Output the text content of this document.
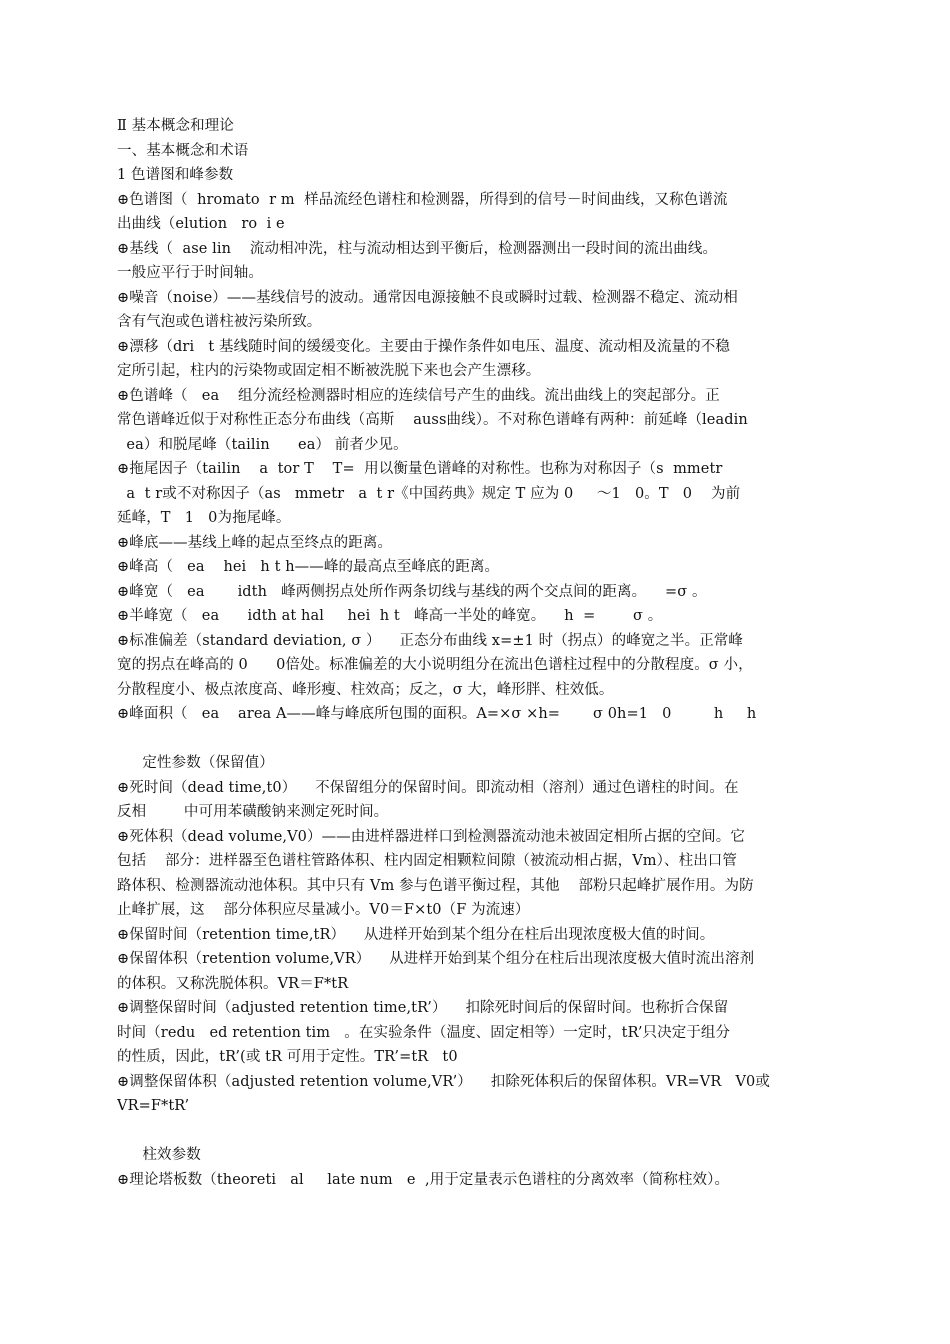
Ⅱ 基本概念和理论
一、基本概念和术语
1 色谱图和峰参数
⊕色谱图（  hromato  r m  样品流经色谱柱和检测器，所得到的信号－时间曲线，又称色谱流
出曲线（elution   ro  i e
⊕基线（  ase lin    流动相冲洗，柱与流动相达到平衡后，检测器测出一段时间的流出曲线。
一般应平行于时间轴。
⊕噪音（noise）——基线信号的波动。通常因电源接触不良或瞬时过载、检测器不稳定、流动相
含有气泡或色谱柱被污染所致。
⊕漂移（dri   t 基线随时间的缓缓变化。主要由于操作条件如电压、温度、流动相及流量的不稳
定所引起，柱内的污染物或固定相不断被洗脱下来也会产生漂移。
⊕色谱峰（   ea    组分流经检测器时相应的连续信号产生的曲线。流出曲线上的突起部分。正
常色谱峰近似于对称性正态分布曲线（高斯    auss曲线）。不对称色谱峰有两种：前延峰（leadin
ea）和脱尾峰（tailin      ea） 前者少见。
⊕拖尾因子（tailin    a  tor T    T=  用以衡量色谱峰的对称性。也称为对称因子（s  mmetr
a  t r或不对称因子（as   mmetr   a  t r《中国药典》规定 T 应为 0     ～1   0。T   0    为前
延峰，T   1   0为拖尾峰。
⊕峰底——基线上峰的起点至终点的距离。
⊕峰高（   ea    hei   h t h——峰的最高点至峰底的距离。
⊕峰宽（   ea       idth   峰两侧拐点处所作两条切线与基线的两个交点间的距离。    =σ 。
⊕半峰宽（   ea      idth at hal     hei  h t   峰高一半处的峰宽。    h  =        σ 。
⊕标准偏差（standard deviation, σ ）    正态分布曲线 x=±1 时（拐点）的峰宽之半。正常峰
宽的拐点在峰高的 0      0倍处。标准偏差的大小说明组分在流出色谱柱过程中的分散程度。σ 小，
分散程度小、极点浓度高、峰形瘦、柱效高；反之，σ 大，峰形胖、柱效低。
⊕峰面积（   ea    area A——峰与峰底所包围的面积。A=×σ ×h=       σ 0h=1   0         h     h
定性参数（保留值）
⊕死时间（dead time,t0）    不保留组分的保留时间。即流动相（溶剂）通过色谱柱的时间。在
反相        中可用苯磺酸钠来测定死时间。
⊕死体积（dead volume,V0）——由进样器进样口到检测器流动池未被固定相所占据的空间。它
包括    部分：进样器至色谱柱管路体积、柱内固定相颗粒间隙（被流动相占据，Vm）、柱出口管
路体积、检测器流动池体积。其中只有 Vm 参与色谱平衡过程，其他    部粉只起峰扩展作用。为防
止峰扩展，这    部分体积应尽量减小。V0＝F×t0（F 为流速）
⊕保留时间（retention time,tR）    从进样开始到某个组分在柱后出现浓度极大值的时间。
⊕保留体积（retention volume,VR）    从进样开始到某个组分在柱后出现浓度极大值时流出溶剂
的体积。又称洗脱体积。VR＝F*tR
⊕调整保留时间（adjusted retention time,tR’）    扣除死时间后的保留时间。也称折合保留
时间（redu   ed retention tim   。在实验条件（温度、固定相等）一定时，tR’只决定于组分
的性质，因此，tR’(或 tR 可用于定性。TR’=tR   t0
⊕调整保留体积（adjusted retention volume,VR’）    扣除死体积后的保留体积。VR=VR   V0或
VR=F*tR’
柱效参数
⊕理论塔板数（theoreti   al     late num   e  ,用于定量表示色谱柱的分离效率（简称柱效）。
